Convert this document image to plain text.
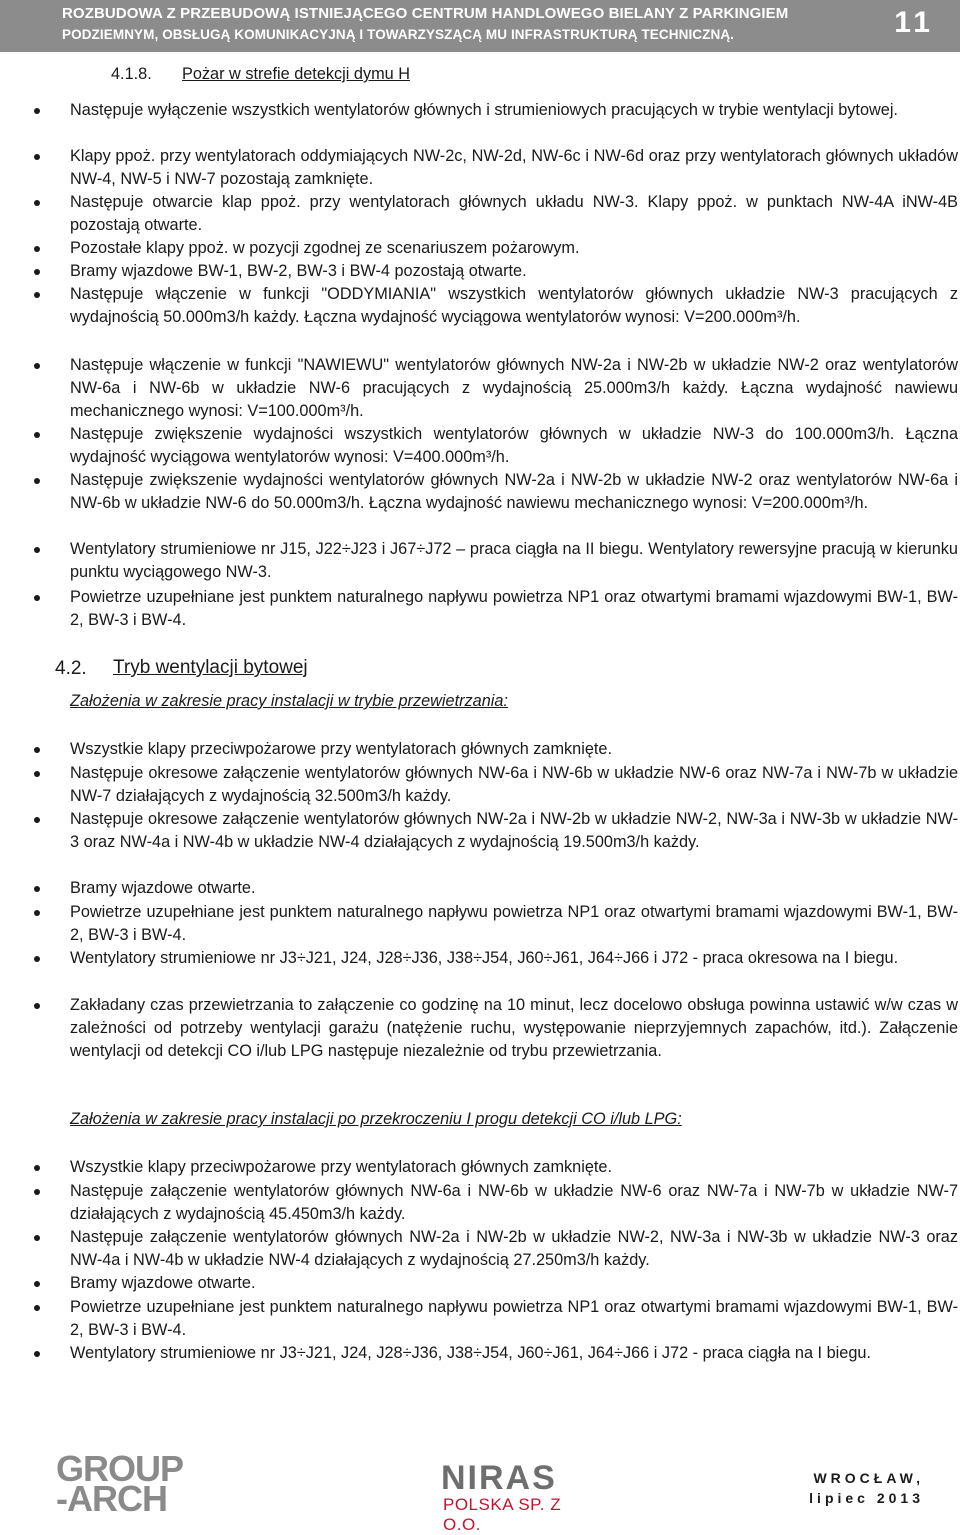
ROZBUDOWA Z PRZEBUDOWĄ ISTNIEJĄCEGO CENTRUM HANDLOWEGO BIELANY Z PARKINGIEM
PODZIEMNYM, OBSŁUGĄ KOMUNIKACYJNĄ I TOWARZYSZĄCĄ MU INFRASTRUKTURĄ TECHNICZNĄ.	11
4.1.8. Pożar w strefie detekcji dymu H
Następuje wyłączenie wszystkich wentylatorów głównych i strumieniowych pracujących w trybie wentylacji bytowej.
Klapy ppoż. przy wentylatorach oddymiających NW-2c, NW-2d, NW-6c i NW-6d oraz przy wentylatorach głównych układów NW-4, NW-5 i NW-7 pozostają zamknięte.
Następuje otwarcie klap ppoż. przy wentylatorach głównych układu NW-3. Klapy ppoż. w punktach NW-4A iNW-4B pozostają otwarte.
Pozostałe klapy ppoż. w pozycji zgodnej ze scenariuszem pożarowym.
Bramy wjazdowe BW-1, BW-2, BW-3 i BW-4 pozostają otwarte.
Następuje włączenie w funkcji "ODDYMIANIA" wszystkich wentylatorów głównych układzie NW-3 pracujących z wydajnością 50.000m3/h każdy. Łączna wydajność wyciągowa wentylatorów wynosi: V=200.000m³/h.
Następuje włączenie w funkcji "NAWIEWU" wentylatorów głównych NW-2a i NW-2b w układzie NW-2 oraz wentylatorów NW-6a i NW-6b w układzie NW-6 pracujących z wydajnością 25.000m3/h każdy. Łączna wydajność nawiewu mechanicznego wynosi: V=100.000m³/h.
Następuje zwiększenie wydajności wszystkich wentylatorów głównych w układzie NW-3 do 100.000m3/h. Łączna wydajność wyciągowa wentylatorów wynosi: V=400.000m³/h.
Następuje zwiększenie wydajności wentylatorów głównych NW-2a i NW-2b w układzie NW-2 oraz wentylatorów NW-6a i NW-6b w układzie NW-6 do 50.000m3/h. Łączna wydajność nawiewu mechanicznego wynosi: V=200.000m³/h.
Wentylatory strumieniowe nr J15, J22÷J23 i J67÷J72 – praca ciągła na II biegu. Wentylatory rewersyjne pracują w kierunku punktu wyciągowego NW-3.
Powietrze uzupełniane jest punktem naturalnego napływu powietrza NP1 oraz otwartymi bramami wjazdowymi BW-1, BW-2, BW-3 i BW-4.
4.2. Tryb wentylacji bytowej
Założenia w zakresie pracy instalacji w trybie przewietrzania:
Wszystkie klapy przeciwpożarowe przy wentylatorach głównych zamknięte.
Następuje okresowe załączenie wentylatorów głównych NW-6a i NW-6b w układzie NW-6 oraz NW-7a i NW-7b w układzie NW-7 działających z wydajnością 32.500m3/h każdy.
Następuje okresowe załączenie wentylatorów głównych NW-2a i NW-2b w układzie NW-2, NW-3a i NW-3b w układzie NW-3 oraz NW-4a i NW-4b w układzie NW-4 działających z wydajnością 19.500m3/h każdy.
Bramy wjazdowe otwarte.
Powietrze uzupełniane jest punktem naturalnego napływu powietrza NP1 oraz otwartymi bramami wjazdowymi BW-1, BW-2, BW-3 i BW-4.
Wentylatory strumieniowe nr J3÷J21, J24, J28÷J36, J38÷J54, J60÷J61, J64÷J66 i J72 - praca okresowa na I biegu.
Zakładany czas przewietrzania to załączenie co godzinę na 10 minut, lecz docelowo obsługa powinna ustawić w/w czas w zależności od potrzeby wentylacji garażu (natężenie ruchu, występowanie nieprzyjemnych zapachów, itd.). Załączenie wentylacji od detekcji CO i/lub LPG następuje niezależnie od trybu przewietrzania.
Założenia w zakresie pracy instalacji po przekroczeniu I progu detekcji CO i/lub LPG:
Wszystkie klapy przeciwpożarowe przy wentylatorach głównych zamknięte.
Następuje załączenie wentylatorów głównych NW-6a i NW-6b w układzie NW-6 oraz NW-7a i NW-7b w układzie NW-7 działających z wydajnością 45.450m3/h każdy.
Następuje załączenie wentylatorów głównych NW-2a i NW-2b w układzie NW-2, NW-3a i NW-3b w układzie NW-3 oraz NW-4a i NW-4b w układzie NW-4 działających z wydajnością 27.250m3/h każdy.
Bramy wjazdowe otwarte.
Powietrze uzupełniane jest punktem naturalnego napływu powietrza NP1 oraz otwartymi bramami wjazdowymi BW-1, BW-2, BW-3 i BW-4.
Wentylatory strumieniowe nr J3÷J21, J24, J28÷J36, J38÷J54, J60÷J61, J64÷J66 i J72 - praca ciągła na I biegu.
GROUP
-ARCH	NIRAS
POLSKA SP. Z O.O.
WROCŁAW,
lipiec 2013
